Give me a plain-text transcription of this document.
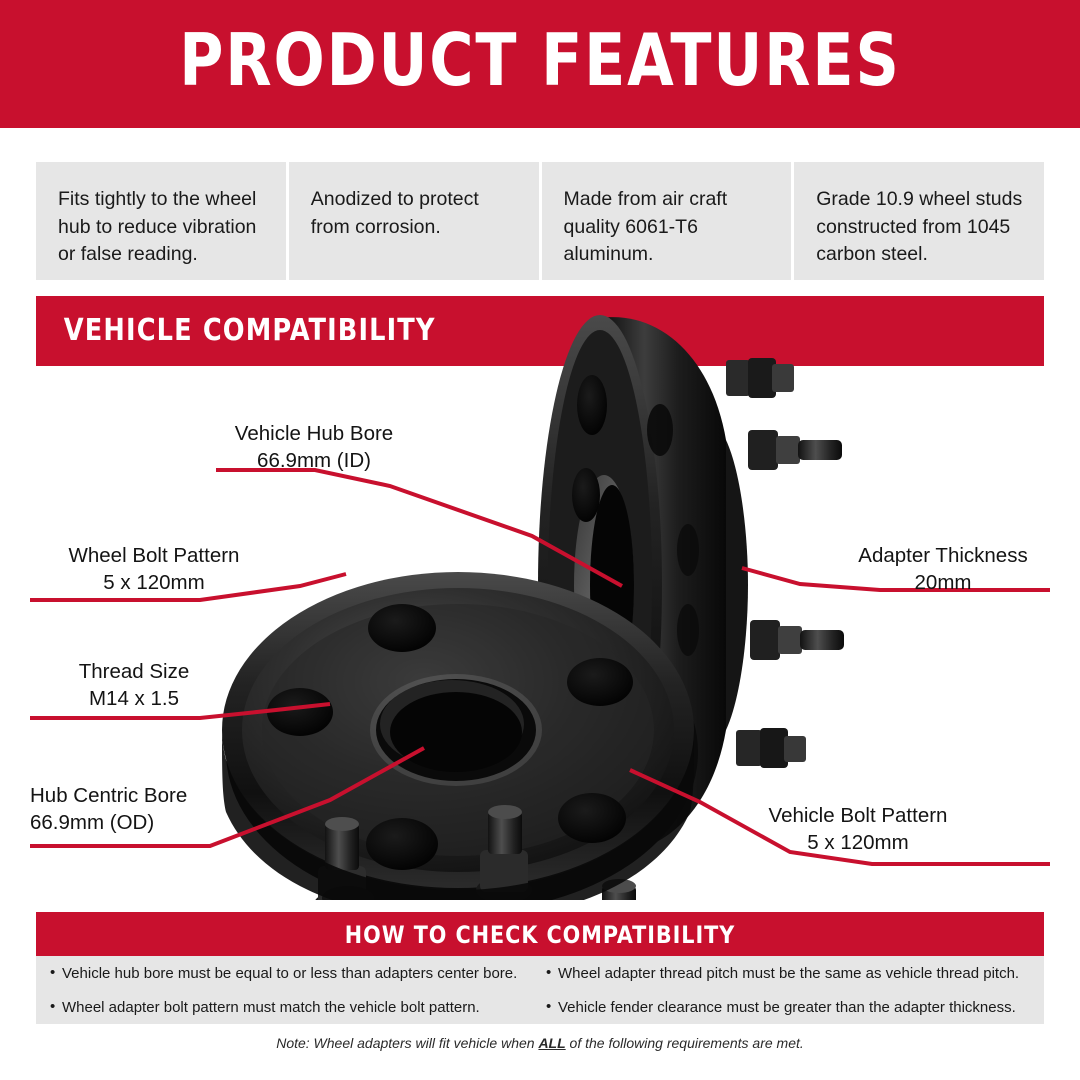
PRODUCT FEATURES
Fits tightly to the wheel hub to reduce vibration or false reading.
Anodized to protect from corrosion.
Made from air craft quality 6061-T6 aluminum.
Grade 10.9 wheel studs constructed from 1045 carbon steel.
VEHICLE COMPATIBILITY
Vehicle Hub Bore
66.9mm (ID)
Wheel Bolt Pattern
5 x 120mm
Thread Size
M14 x 1.5
Hub Centric Bore
66.9mm (OD)
Adapter Thickness
20mm
Vehicle Bolt Pattern
5 x 120mm
HOW TO CHECK COMPATIBILITY
• Vehicle hub bore must be equal to or less than adapters center bore.	• Wheel adapter thread pitch must be the same as vehicle thread pitch.
• Wheel adapter bolt pattern must match the vehicle bolt pattern.	• Vehicle fender clearance must be greater than the adapter thickness.
Note: Wheel adapters will fit vehicle when ALL of the following requirements are met.
